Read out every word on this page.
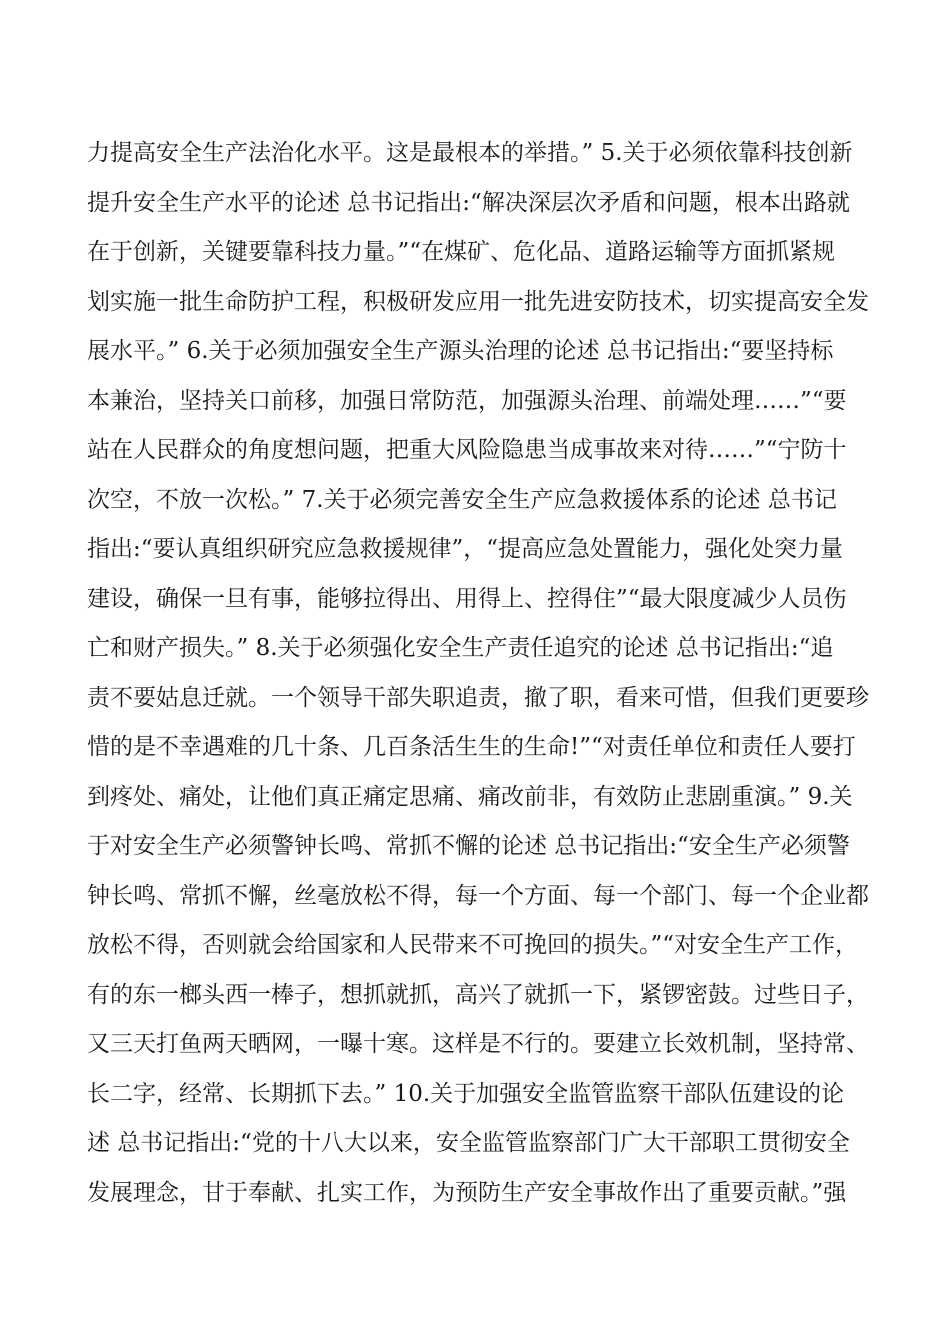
力提高安全生产法治化水平。这是最根本的举措。” 5.关于必须依靠科技创新
提升安全生产水平的论述 总书记指出:“解决深层次矛盾和问题，根本出路就
在于创新，关键要靠科技力量。”“在煤矿、危化品、道路运输等方面抓紧规
划实施一批生命防护工程，积极研发应用一批先进安防技术，切实提高安全发
展水平。” 6.关于必须加强安全生产源头治理的论述 总书记指出:“要坚持标
本兼治，坚持关口前移，加强日常防范，加强源头治理、前端处理……”“要
站在人民群众的角度想问题，把重大风险隐患当成事故来对待……”“宁防十
次空，不放一次松。” 7.关于必须完善安全生产应急救援体系的论述 总书记
指出:“要认真组织研究应急救援规律”，“提高应急处置能力，强化处突力量
建设，确保一旦有事，能够拉得出、用得上、控得住”“最大限度减少人员伤
亡和财产损失。” 8.关于必须强化安全生产责任追究的论述 总书记指出:“追
责不要姑息迁就。一个领导干部失职追责，撤了职，看来可惜，但我们更要珍
惜的是不幸遇难的几十条、几百条活生生的生命!”“对责任单位和责任人要打
到疼处、痛处，让他们真正痛定思痛、痛改前非，有效防止悲剧重演。” 9.关
于对安全生产必须警钟长鸣、常抓不懈的论述 总书记指出:“安全生产必须警
钟长鸣、常抓不懈，丝毫放松不得，每一个方面、每一个部门、每一个企业都
放松不得，否则就会给国家和人民带来不可挽回的损失。”“对安全生产工作，
有的东一榔头西一棒子，想抓就抓，高兴了就抓一下，紧锣密鼓。过些日子，
又三天打鱼两天晒网，一曝十寒。这样是不行的。要建立长效机制，坚持常、
长二字，经常、长期抓下去。” 10.关于加强安全监管监察干部队伍建设的论
述 总书记指出:“党的十八大以来，安全监管监察部门广大干部职工贯彻安全
发展理念，甘于奉献、扎实工作，为预防生产安全事故作出了重要贡献。”强
